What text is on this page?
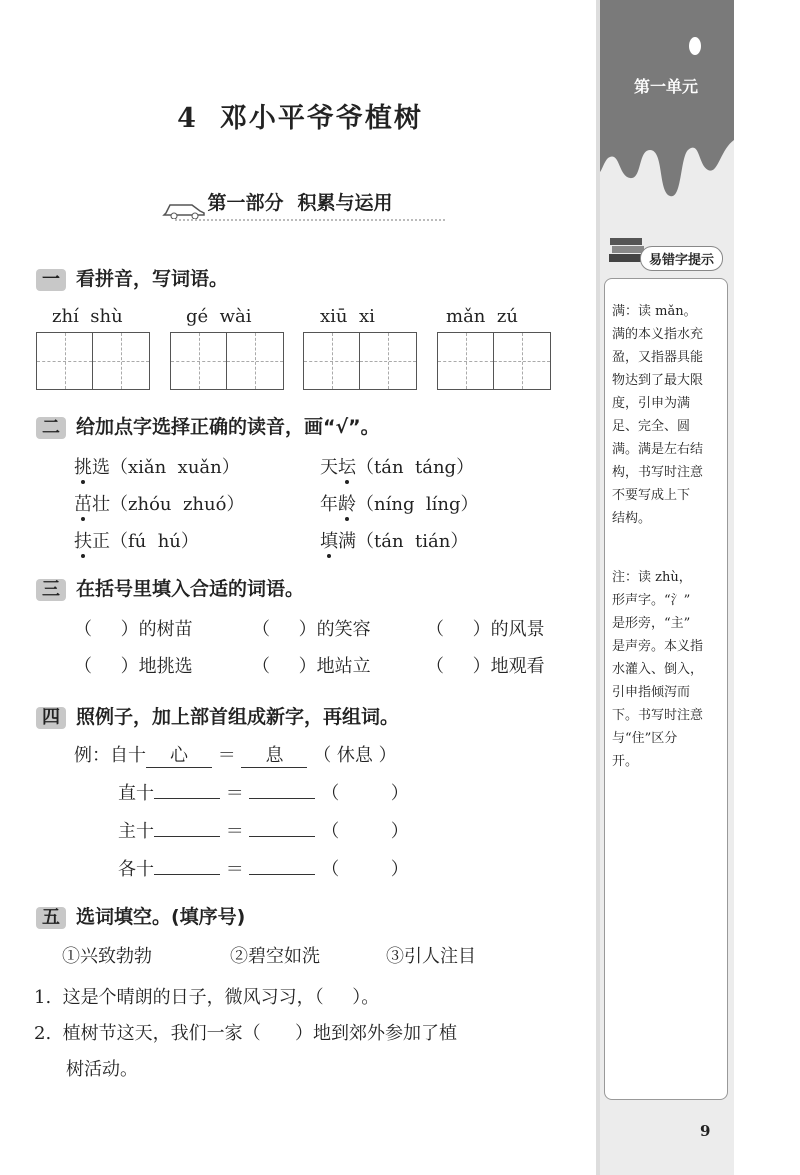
第一单元
易错字提示
满：读 mǎn。
满的本义指水充
盈，又指器具能
物达到了最大限
度，引申为满
足、完全、圆
满。满是左右结
构，书写时注意
不要写成上下
结构。
注：读 zhù，
形声字。“氵”
是形旁，“主”
是声旁。本义指
水灌入、倒入，
引申指倾泻而
下。书写时注意
与“住”区分
开。
9
4 邓小平爷爷植树
第一部分 积累与运用
一 看拼音，写词语。
zhí  shù	gé  wài	xiū  xi	mǎn  zú
二 给加点字选择正确的读音，画“√”。
挑选（xiǎn  xuǎn）	天坛（tán  táng）
茁壮（zhóu  zhuó）	年龄（níng  líng）
扶正（fú  hú）	填满（tán  tián）
三 在括号里填入合适的词语。
（     ）的树苗	（     ）的笑容	（     ）的风景
（     ）地挑选	（     ）地站立	（     ）地观看
四 照例子，加上部首组成新字，再组词。
例：自十 心 ＝ 息 （ 休息 ）
直十	＝	（         ）
主十	＝	（         ）
各十	＝	（         ）
五 选词填空。(填序号)
①兴致勃勃	②碧空如洗	③引人注目
1.  这是个晴朗的日子，微风习习，（     ）。
2.  植树节这天，我们一家（      ）地到郊外参加了植
树活动。
